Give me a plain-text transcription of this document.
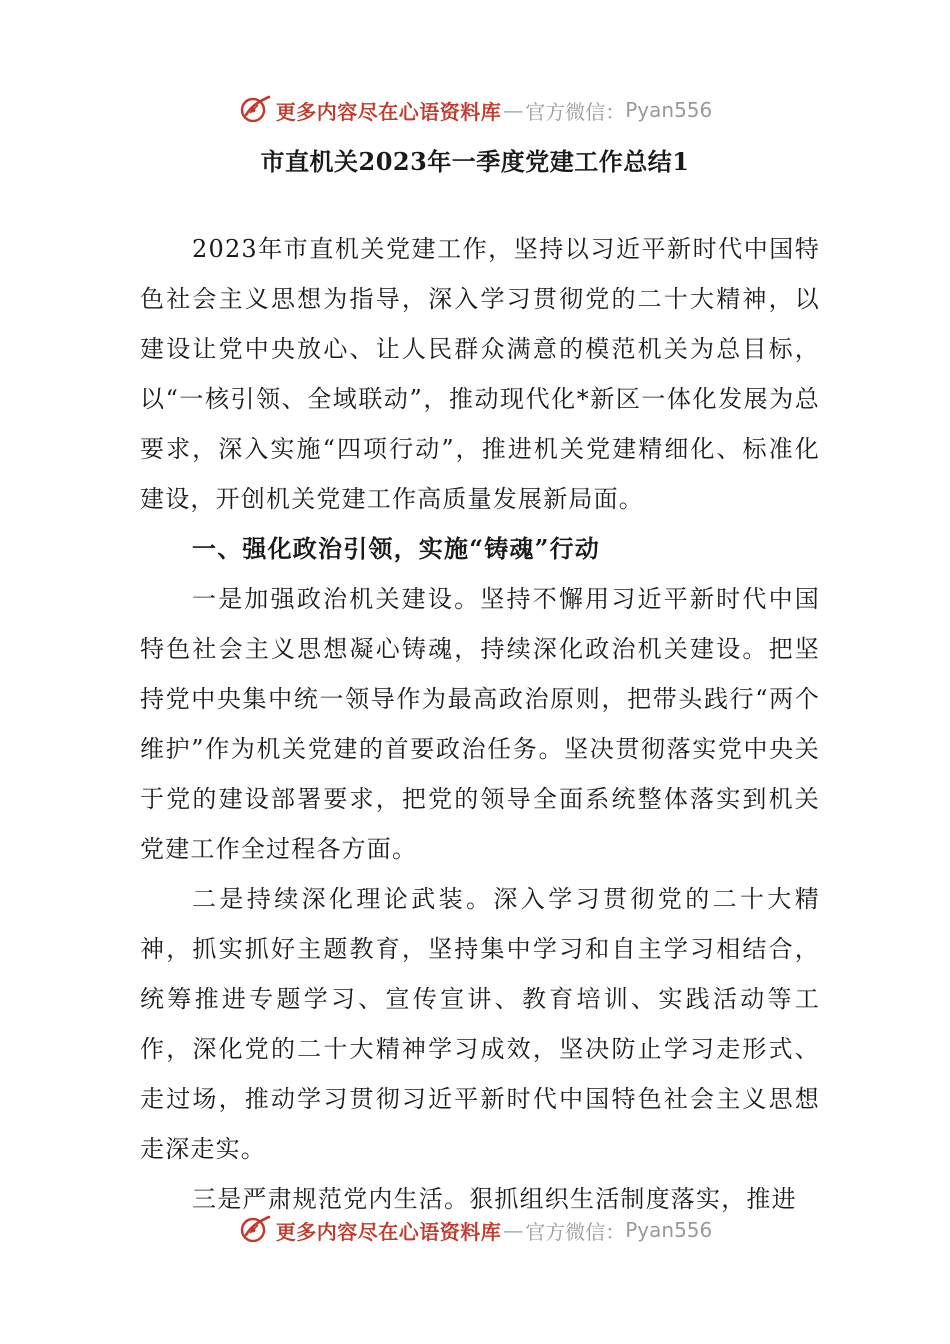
更多内容尽在心语资料库 — 官方微信： Pyan556
市直机关2023年一季度党建工作总结1

2023年市直机关党建工作，坚持以习近平新时代中国特色社会主义思想为指导，深入学习贯彻党的二十大精神，以建设让党中央放心、让人民群众满意的模范机关为总目标，以“一核引领、全域联动”，推动现代化*新区一体化发展为总要求，深入实施“四项行动”，推进机关党建精细化、标准化建设，开创机关党建工作高质量发展新局面。

一、强化政治引领，实施“铸魂”行动

一是加强政治机关建设。坚持不懈用习近平新时代中国特色社会主义思想凝心铸魂，持续深化政治机关建设。把坚持党中央集中统一领导作为最高政治原则，把带头践行“两个维护”作为机关党建的首要政治任务。坚决贯彻落实党中央关于党的建设部署要求，把党的领导全面系统整体落实到机关党建工作全过程各方面。

二是持续深化理论武装。深入学习贯彻党的二十大精神，抓实抓好主题教育，坚持集中学习和自主学习相结合，统筹推进专题学习、宣传宣讲、教育培训、实践活动等工作，深化党的二十大精神学习成效，坚决防止学习走形式、走过场，推动学习贯彻习近平新时代中国特色社会主义思想走深走实。

三是严肃规范党内生活。狠抓组织生活制度落实，推进

更多内容尽在心语资料库 — 官方微信： Pyan556
